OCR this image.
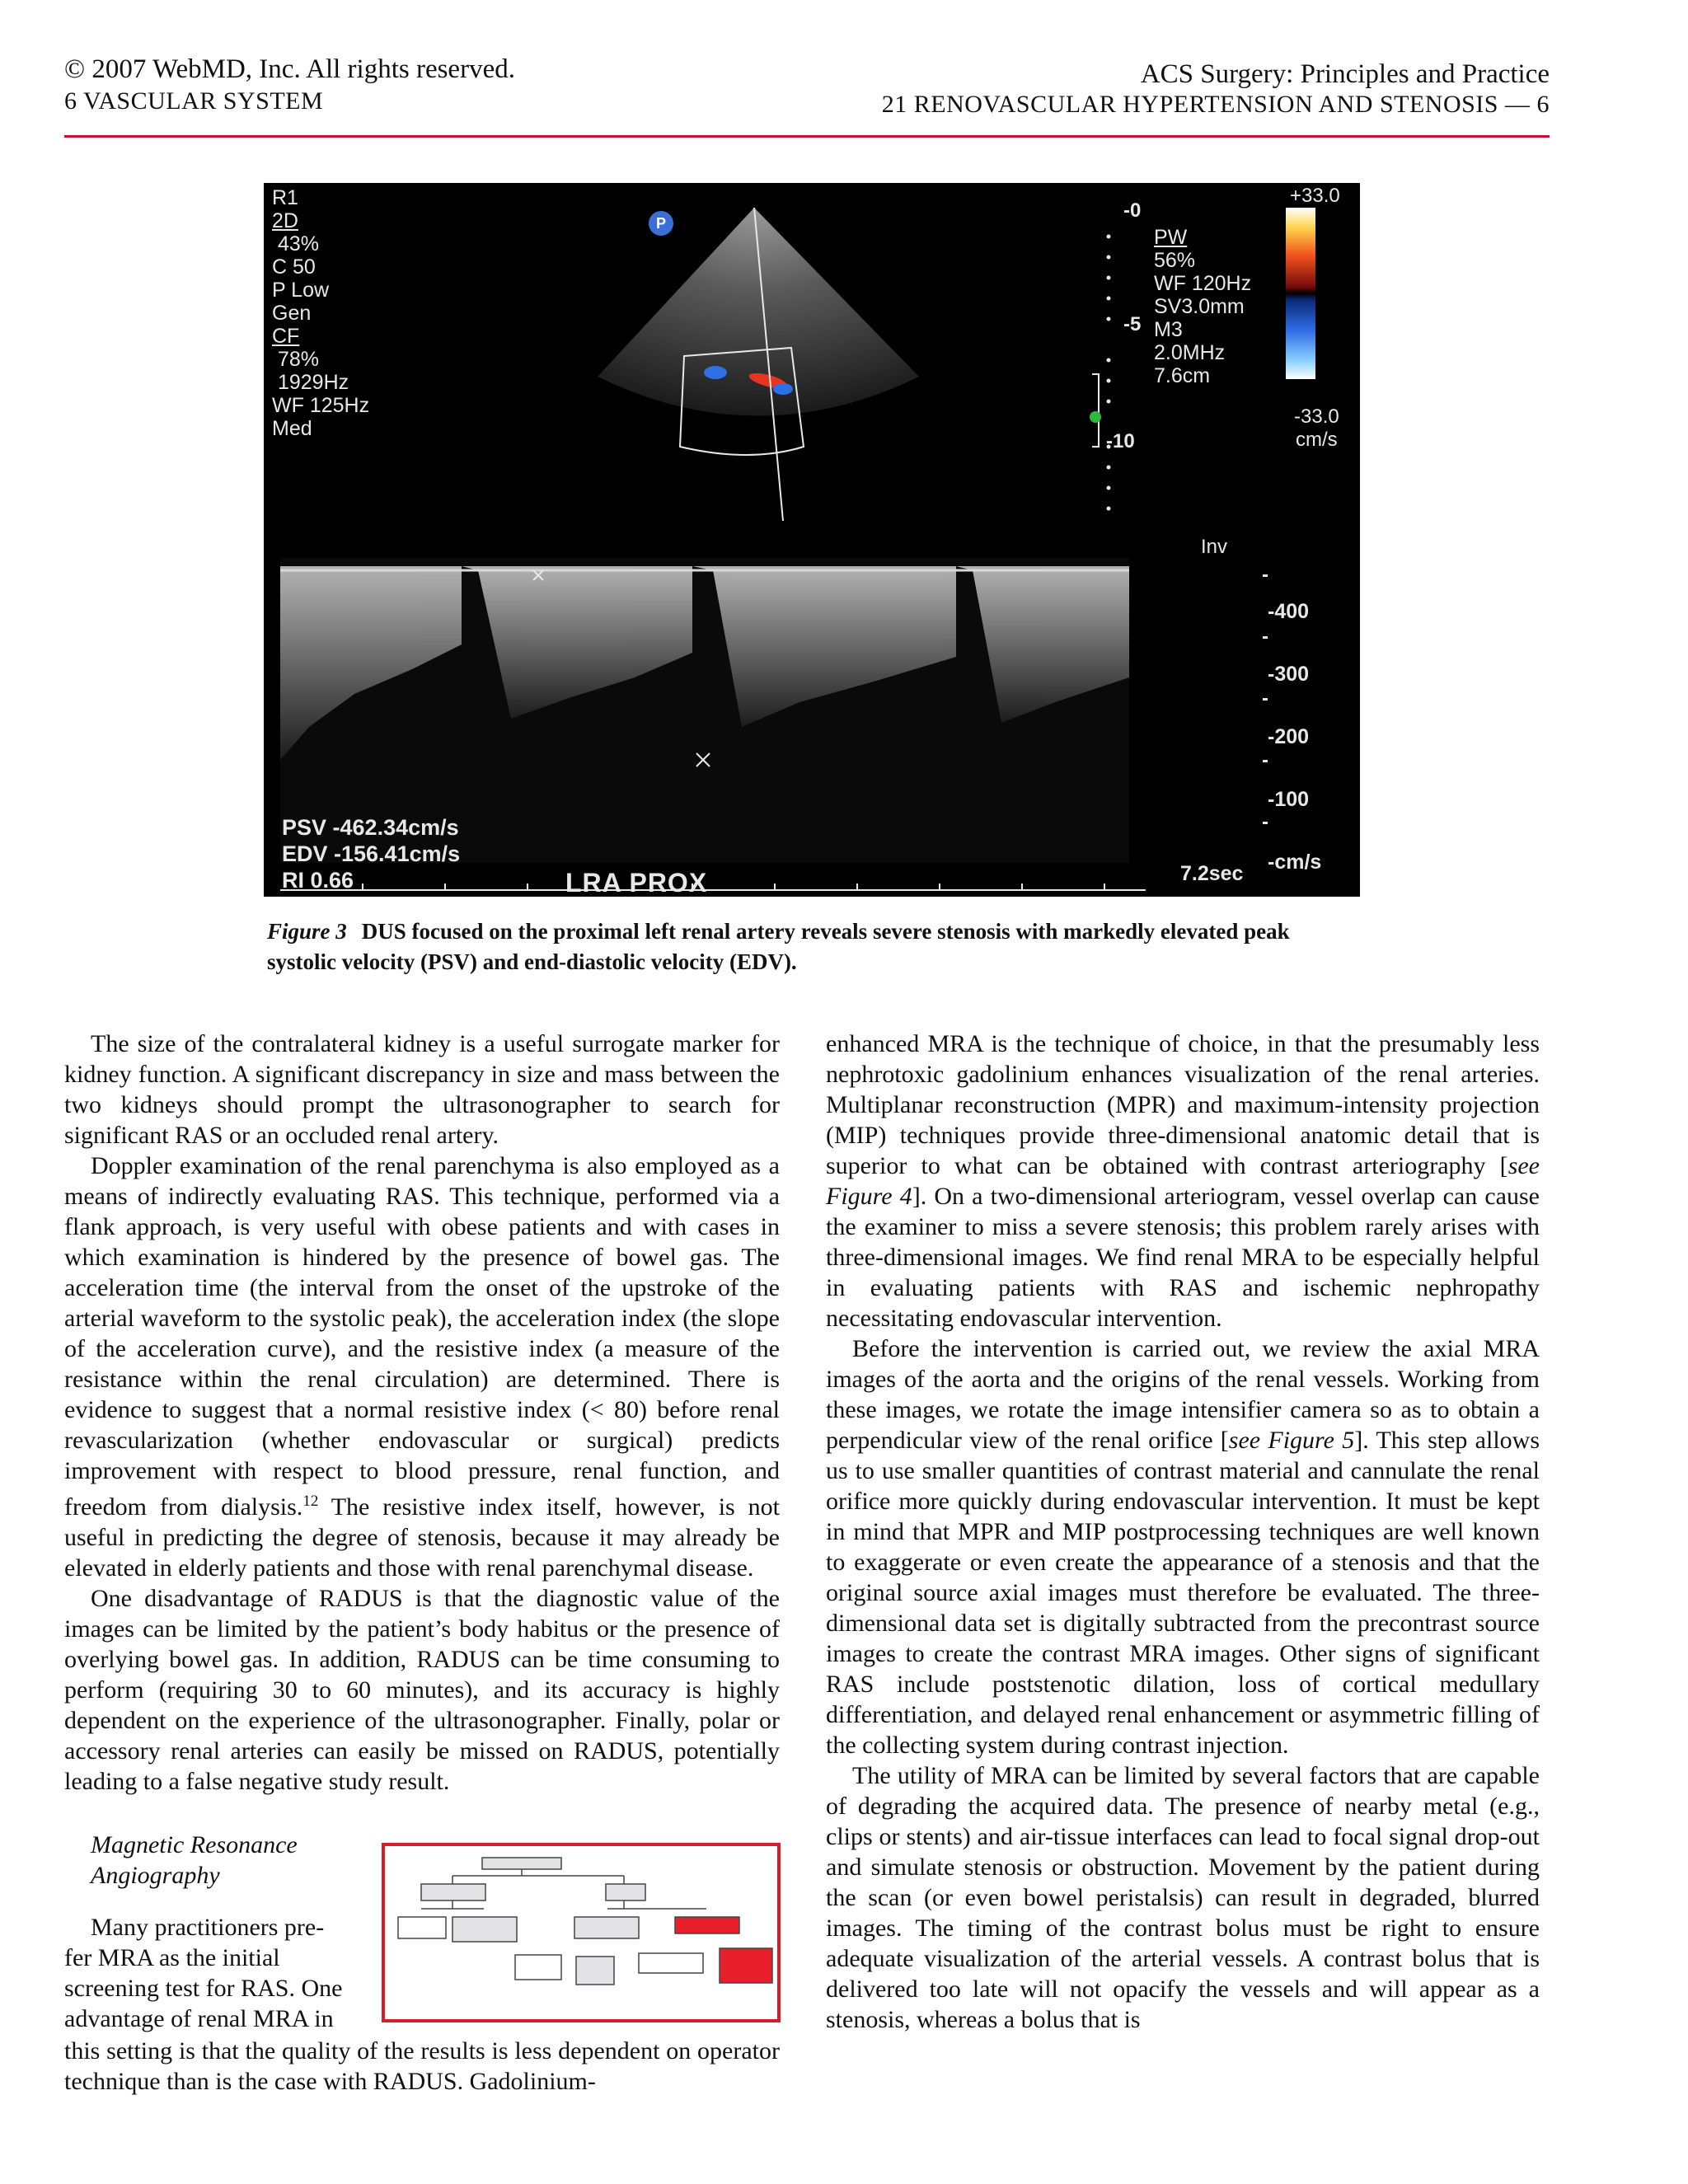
© 2007 WebMD, Inc. All rights reserved.
6 VASCULAR SYSTEM
ACS Surgery: Principles and Practice
21 RENOVASCULAR HYPERTENSION AND STENOSIS — 6
R1
2D
43%
C 50
P Low
Gen
CF
78%
1929Hz
WF 125Hz
Med
P
PW
56%
WF 120Hz
SV3.0mm
M3
2.0MHz
7.6cm
+33.0
-33.0
cm/s
-0
-5
-10
Inv
-400
-300
-200
-100
-cm/s
PSV -462.34cm/s
EDV -156.41cm/s
RI 0.66	LRA PROX	7.2sec
Figure 3 DUS focused on the proximal left renal artery reveals severe stenosis with markedly elevated peak systolic velocity (PSV) and end-diastolic velocity (EDV).

The size of the contralateral kidney is a useful surrogate marker for kidney function. A significant discrepancy in size and mass between the two kidneys should prompt the ultrasonographer to search for significant RAS or an occluded renal artery.

Doppler examination of the renal parenchyma is also employed as a means of indirectly evaluating RAS. This technique, performed via a flank approach, is very useful with obese patients and with cases in which examination is hindered by the presence of bowel gas. The acceleration time (the interval from the onset of the upstroke of the arterial waveform to the systolic peak), the acceleration index (the slope of the acceleration curve), and the resistive index (a measure of the resistance within the renal circulation) are determined. There is evidence to suggest that a normal resistive index (< 80) before renal revascularization (whether endovascular or surgical) predicts improvement with respect to blood pressure, renal function, and freedom from dialysis.$^{12}$ The resistive index itself, however, is not useful in predicting the degree of stenosis, because it may already be elevated in elderly patients and those with renal parenchymal disease.

One disadvantage of RADUS is that the diagnostic value of the images can be limited by the patient’s body habitus or the presence of overlying bowel gas. In addition, RADUS can be time consuming to perform (requiring 30 to 60 minutes), and its accuracy is highly dependent on the experience of the ultrasonographer. Finally, polar or accessory renal arteries can easily be missed on RADUS, potentially leading to a false negative study result.

this setting is that the quality of the results is less dependent on operator technique than is the case with RADUS. Gadolinium-

Magnetic Resonance
Angiography
Many practitioners pre-
fer MRA as the initial
screening test for RAS. One
advantage of renal MRA in

enhanced MRA is the technique of choice, in that the presumably less nephrotoxic gadolinium enhances visualization of the renal arteries. Multiplanar reconstruction (MPR) and maximum-intensity projection (MIP) techniques provide three-dimensional anatomic detail that is superior to what can be obtained with contrast arteriography [see Figure 4]. On a two-dimensional arteriogram, vessel overlap can cause the examiner to miss a severe stenosis; this problem rarely arises with three-dimensional images. We find renal MRA to be especially helpful in evaluating patients with RAS and ischemic nephropathy necessitating endovascular intervention.

Before the intervention is carried out, we review the axial MRA images of the aorta and the origins of the renal vessels. Working from these images, we rotate the image intensifier camera so as to obtain a perpendicular view of the renal orifice [see Figure 5]. This step allows us to use smaller quantities of contrast material and cannulate the renal orifice more quickly during endovascular intervention. It must be kept in mind that MPR and MIP postprocessing techniques are well known to exaggerate or even create the appearance of a stenosis and that the original source axial images must therefore be evaluated. The three-dimensional data set is digitally subtracted from the precontrast source images to create the contrast MRA images. Other signs of significant RAS include poststenotic dilation, loss of cortical medullary differentiation, and delayed renal enhancement or asymmetric filling of the collecting system during contrast injection.

The utility of MRA can be limited by several factors that are capable of degrading the acquired data. The presence of nearby metal (e.g., clips or stents) and air-tissue interfaces can lead to focal signal drop-out and simulate stenosis or obstruction. Movement by the patient during the scan (or even bowel peristalsis) can result in degraded, blurred images. The timing of the contrast bolus must be right to ensure adequate visualization of the arterial vessels. A contrast bolus that is delivered too late will not opacify the vessels and will appear as a stenosis, whereas a bolus that is
